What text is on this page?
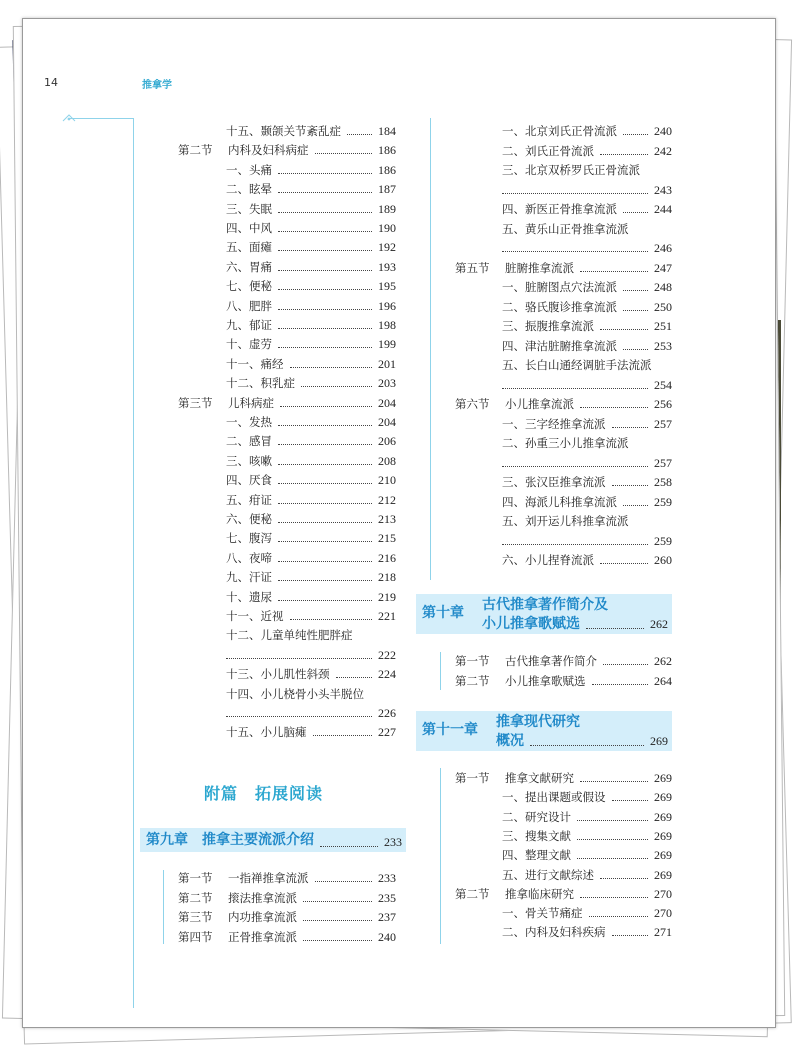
14	推拿学
十五、颞颌关节紊乱症	184
第二节	内科及妇科病症	186
一、头痛	186
二、眩晕	187
三、失眠	189
四、中风	190
五、面瘫	192
六、胃痛	193
七、便秘	195
八、肥胖	196
九、郁证	198
十、虚劳	199
十一、痛经	201
十二、积乳症	203
第三节	儿科病症	204
一、发热	204
二、感冒	206
三、咳嗽	208
四、厌食	210
五、疳证	212
六、便秘	213
七、腹泻	215
八、夜啼	216
九、汗证	218
十、遗尿	219
十一、近视	221
十二、儿童单纯性肥胖症
222
十三、小儿肌性斜颈	224
十四、小儿桡骨小头半脱位
226
十五、小儿脑瘫	227
附篇　拓展阅读
第九章 推拿主要流派介绍	233
第一节	一指禅推拿流派	233
第二节	㨰法推拿流派	235
第三节	内功推拿流派	237
第四节	正骨推拿流派	240
一、北京刘氏正骨流派	240
二、刘氏正骨流派	242
三、北京双桥罗氏正骨流派
243
四、新医正骨推拿流派	244
五、黄乐山正骨推拿流派
246
第五节	脏腑推拿流派	247
一、脏腑图点穴法流派	248
二、骆氏腹诊推拿流派	250
三、振腹推拿流派	251
四、津沽脏腑推拿流派	253
五、长白山通经调脏手法流派
254
第六节	小儿推拿流派	256
一、三字经推拿流派	257
二、孙重三小儿推拿流派
257
三、张汉臣推拿流派	258
四、海派儿科推拿流派	259
五、刘开运儿科推拿流派
259
六、小儿捏脊流派	260
第十章 古代推拿著作简介及
小儿推拿歌赋选	262
第一节	古代推拿著作简介	262
第二节	小儿推拿歌赋选	264
第十一章 推拿现代研究
概况	269
第一节	推拿文献研究	269
一、提出课题或假设	269
二、研究设计	269
三、搜集文献	269
四、整理文献	269
五、进行文献综述	269
第二节	推拿临床研究	270
一、骨关节痛症	270
二、内科及妇科疾病	271
